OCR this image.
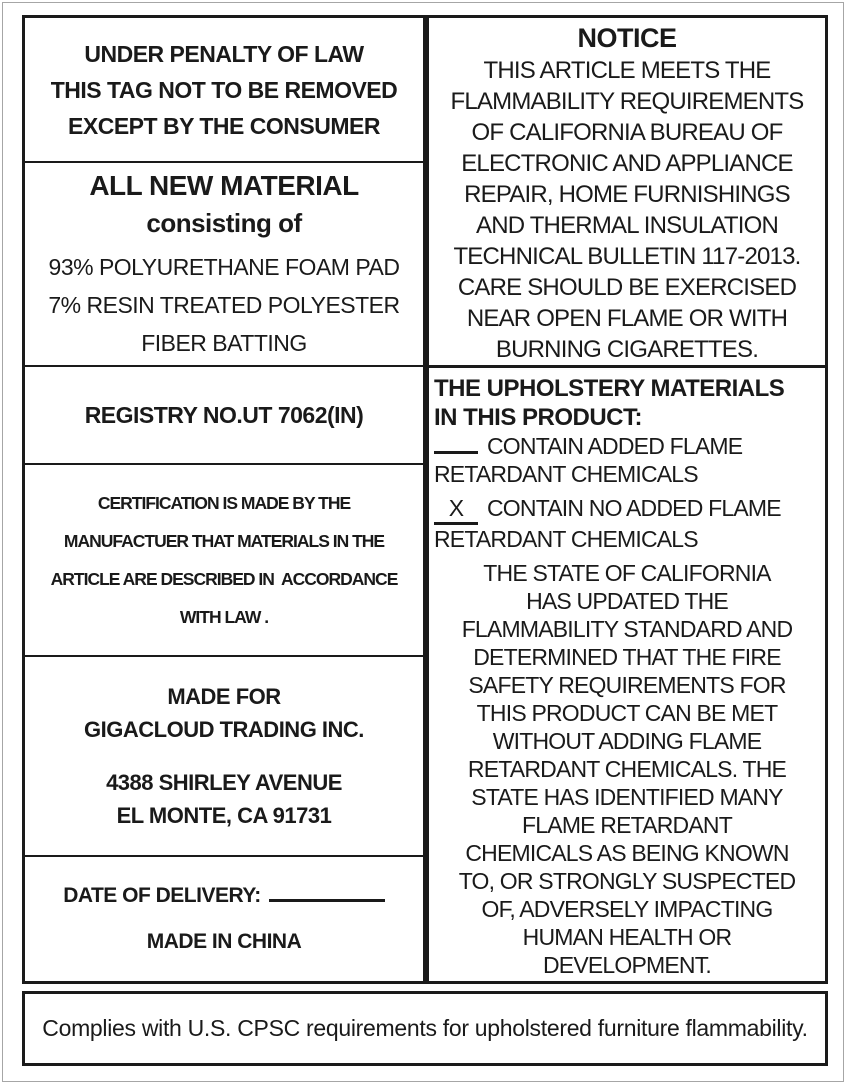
UNDER PENALTY OF LAW
THIS TAG NOT TO BE REMOVED
EXCEPT BY THE CONSUMER
ALL NEW MATERIAL
consisting of
93% POLYURETHANE FOAM PAD
7% RESIN TREATED POLYESTER
FIBER BATTING
REGISTRY NO.UT 7062(IN)
CERTIFICATION IS MADE BY THE
MANUFACTUER THAT MATERIALS IN THE
ARTICLE ARE DESCRIBED IN  ACCORDANCE
WITH LAW .
MADE FOR
GIGACLOUD TRADING INC.
4388 SHIRLEY AVENUE
EL MONTE, CA 91731
DATE OF DELIVERY:
MADE IN CHINA
NOTICE
THIS ARTICLE MEETS THE
FLAMMABILITY REQUIREMENTS
OF CALIFORNIA BUREAU OF
ELECTRONIC AND APPLIANCE
REPAIR, HOME FURNISHINGS
AND THERMAL INSULATION
TECHNICAL BULLETIN 117-2013.
CARE SHOULD BE EXERCISED
NEAR OPEN FLAME OR WITH
BURNING CIGARETTES.
THE UPHOLSTERY MATERIALS
IN THIS PRODUCT:
CONTAIN ADDED FLAME
RETARDANT CHEMICALS
X CONTAIN NO ADDED FLAME
RETARDANT CHEMICALS
THE STATE OF CALIFORNIA
HAS UPDATED THE
FLAMMABILITY STANDARD AND
DETERMINED THAT THE FIRE
SAFETY REQUIREMENTS FOR
THIS PRODUCT CAN BE MET
WITHOUT ADDING FLAME
RETARDANT CHEMICALS. THE
STATE HAS IDENTIFIED MANY
FLAME RETARDANT
CHEMICALS AS BEING KNOWN
TO, OR STRONGLY SUSPECTED
OF, ADVERSELY IMPACTING
HUMAN HEALTH OR
DEVELOPMENT.
Complies with U.S. CPSC requirements for upholstered furniture flammability.
